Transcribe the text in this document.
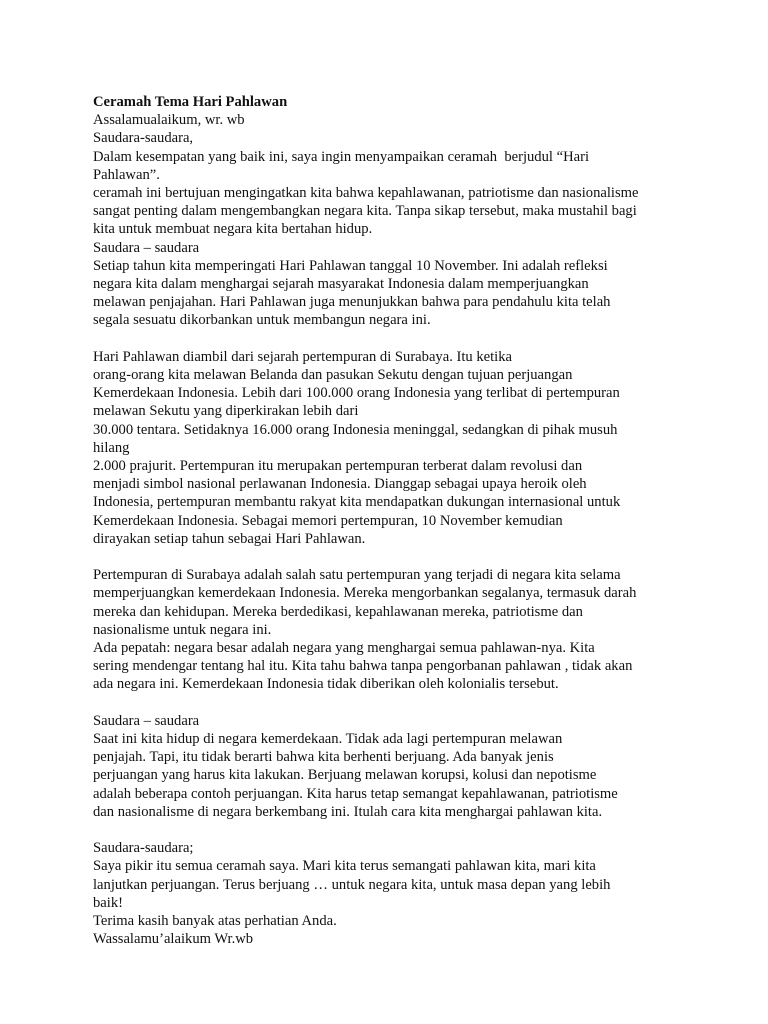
Ceramah Tema Hari Pahlawan
Assalamualaikum, wr. wb
Saudara-saudara,
Dalam kesempatan yang baik ini, saya ingin menyampaikan ceramah  berjudul “Hari
Pahlawan”.
ceramah ini bertujuan mengingatkan kita bahwa kepahlawanan, patriotisme dan nasionalisme
sangat penting dalam mengembangkan negara kita. Tanpa sikap tersebut, maka mustahil bagi
kita untuk membuat negara kita bertahan hidup.
Saudara – saudara
Setiap tahun kita memperingati Hari Pahlawan tanggal 10 November. Ini adalah refleksi
negara kita dalam menghargai sejarah masyarakat Indonesia dalam memperjuangkan
melawan penjajahan. Hari Pahlawan juga menunjukkan bahwa para pendahulu kita telah
segala sesuatu dikorbankan untuk membangun negara ini.
Hari Pahlawan diambil dari sejarah pertempuran di Surabaya. Itu ketika
orang-orang kita melawan Belanda dan pasukan Sekutu dengan tujuan perjuangan
Kemerdekaan Indonesia. Lebih dari 100.000 orang Indonesia yang terlibat di pertempuran
melawan Sekutu yang diperkirakan lebih dari
30.000 tentara. Setidaknya 16.000 orang Indonesia meninggal, sedangkan di pihak musuh
hilang
2.000 prajurit. Pertempuran itu merupakan pertempuran terberat dalam revolusi dan
menjadi simbol nasional perlawanan Indonesia. Dianggap sebagai upaya heroik oleh
Indonesia, pertempuran membantu rakyat kita mendapatkan dukungan internasional untuk
Kemerdekaan Indonesia. Sebagai memori pertempuran, 10 November kemudian
dirayakan setiap tahun sebagai Hari Pahlawan.
Pertempuran di Surabaya adalah salah satu pertempuran yang terjadi di negara kita selama
memperjuangkan kemerdekaan Indonesia. Mereka mengorbankan segalanya, termasuk darah
mereka dan kehidupan. Mereka berdedikasi, kepahlawanan mereka, patriotisme dan
nasionalisme untuk negara ini.
Ada pepatah: negara besar adalah negara yang menghargai semua pahlawan-nya. Kita
sering mendengar tentang hal itu. Kita tahu bahwa tanpa pengorbanan pahlawan , tidak akan
ada negara ini. Kemerdekaan Indonesia tidak diberikan oleh kolonialis tersebut.
Saudara – saudara
Saat ini kita hidup di negara kemerdekaan. Tidak ada lagi pertempuran melawan
penjajah. Tapi, itu tidak berarti bahwa kita berhenti berjuang. Ada banyak jenis
perjuangan yang harus kita lakukan. Berjuang melawan korupsi, kolusi dan nepotisme
adalah beberapa contoh perjuangan. Kita harus tetap semangat kepahlawanan, patriotisme
dan nasionalisme di negara berkembang ini. Itulah cara kita menghargai pahlawan kita.
Saudara-saudara;
Saya pikir itu semua ceramah saya. Mari kita terus semangati pahlawan kita, mari kita
lanjutkan perjuangan. Terus berjuang … untuk negara kita, untuk masa depan yang lebih
baik!
Terima kasih banyak atas perhatian Anda.
Wassalamu’alaikum Wr.wb
